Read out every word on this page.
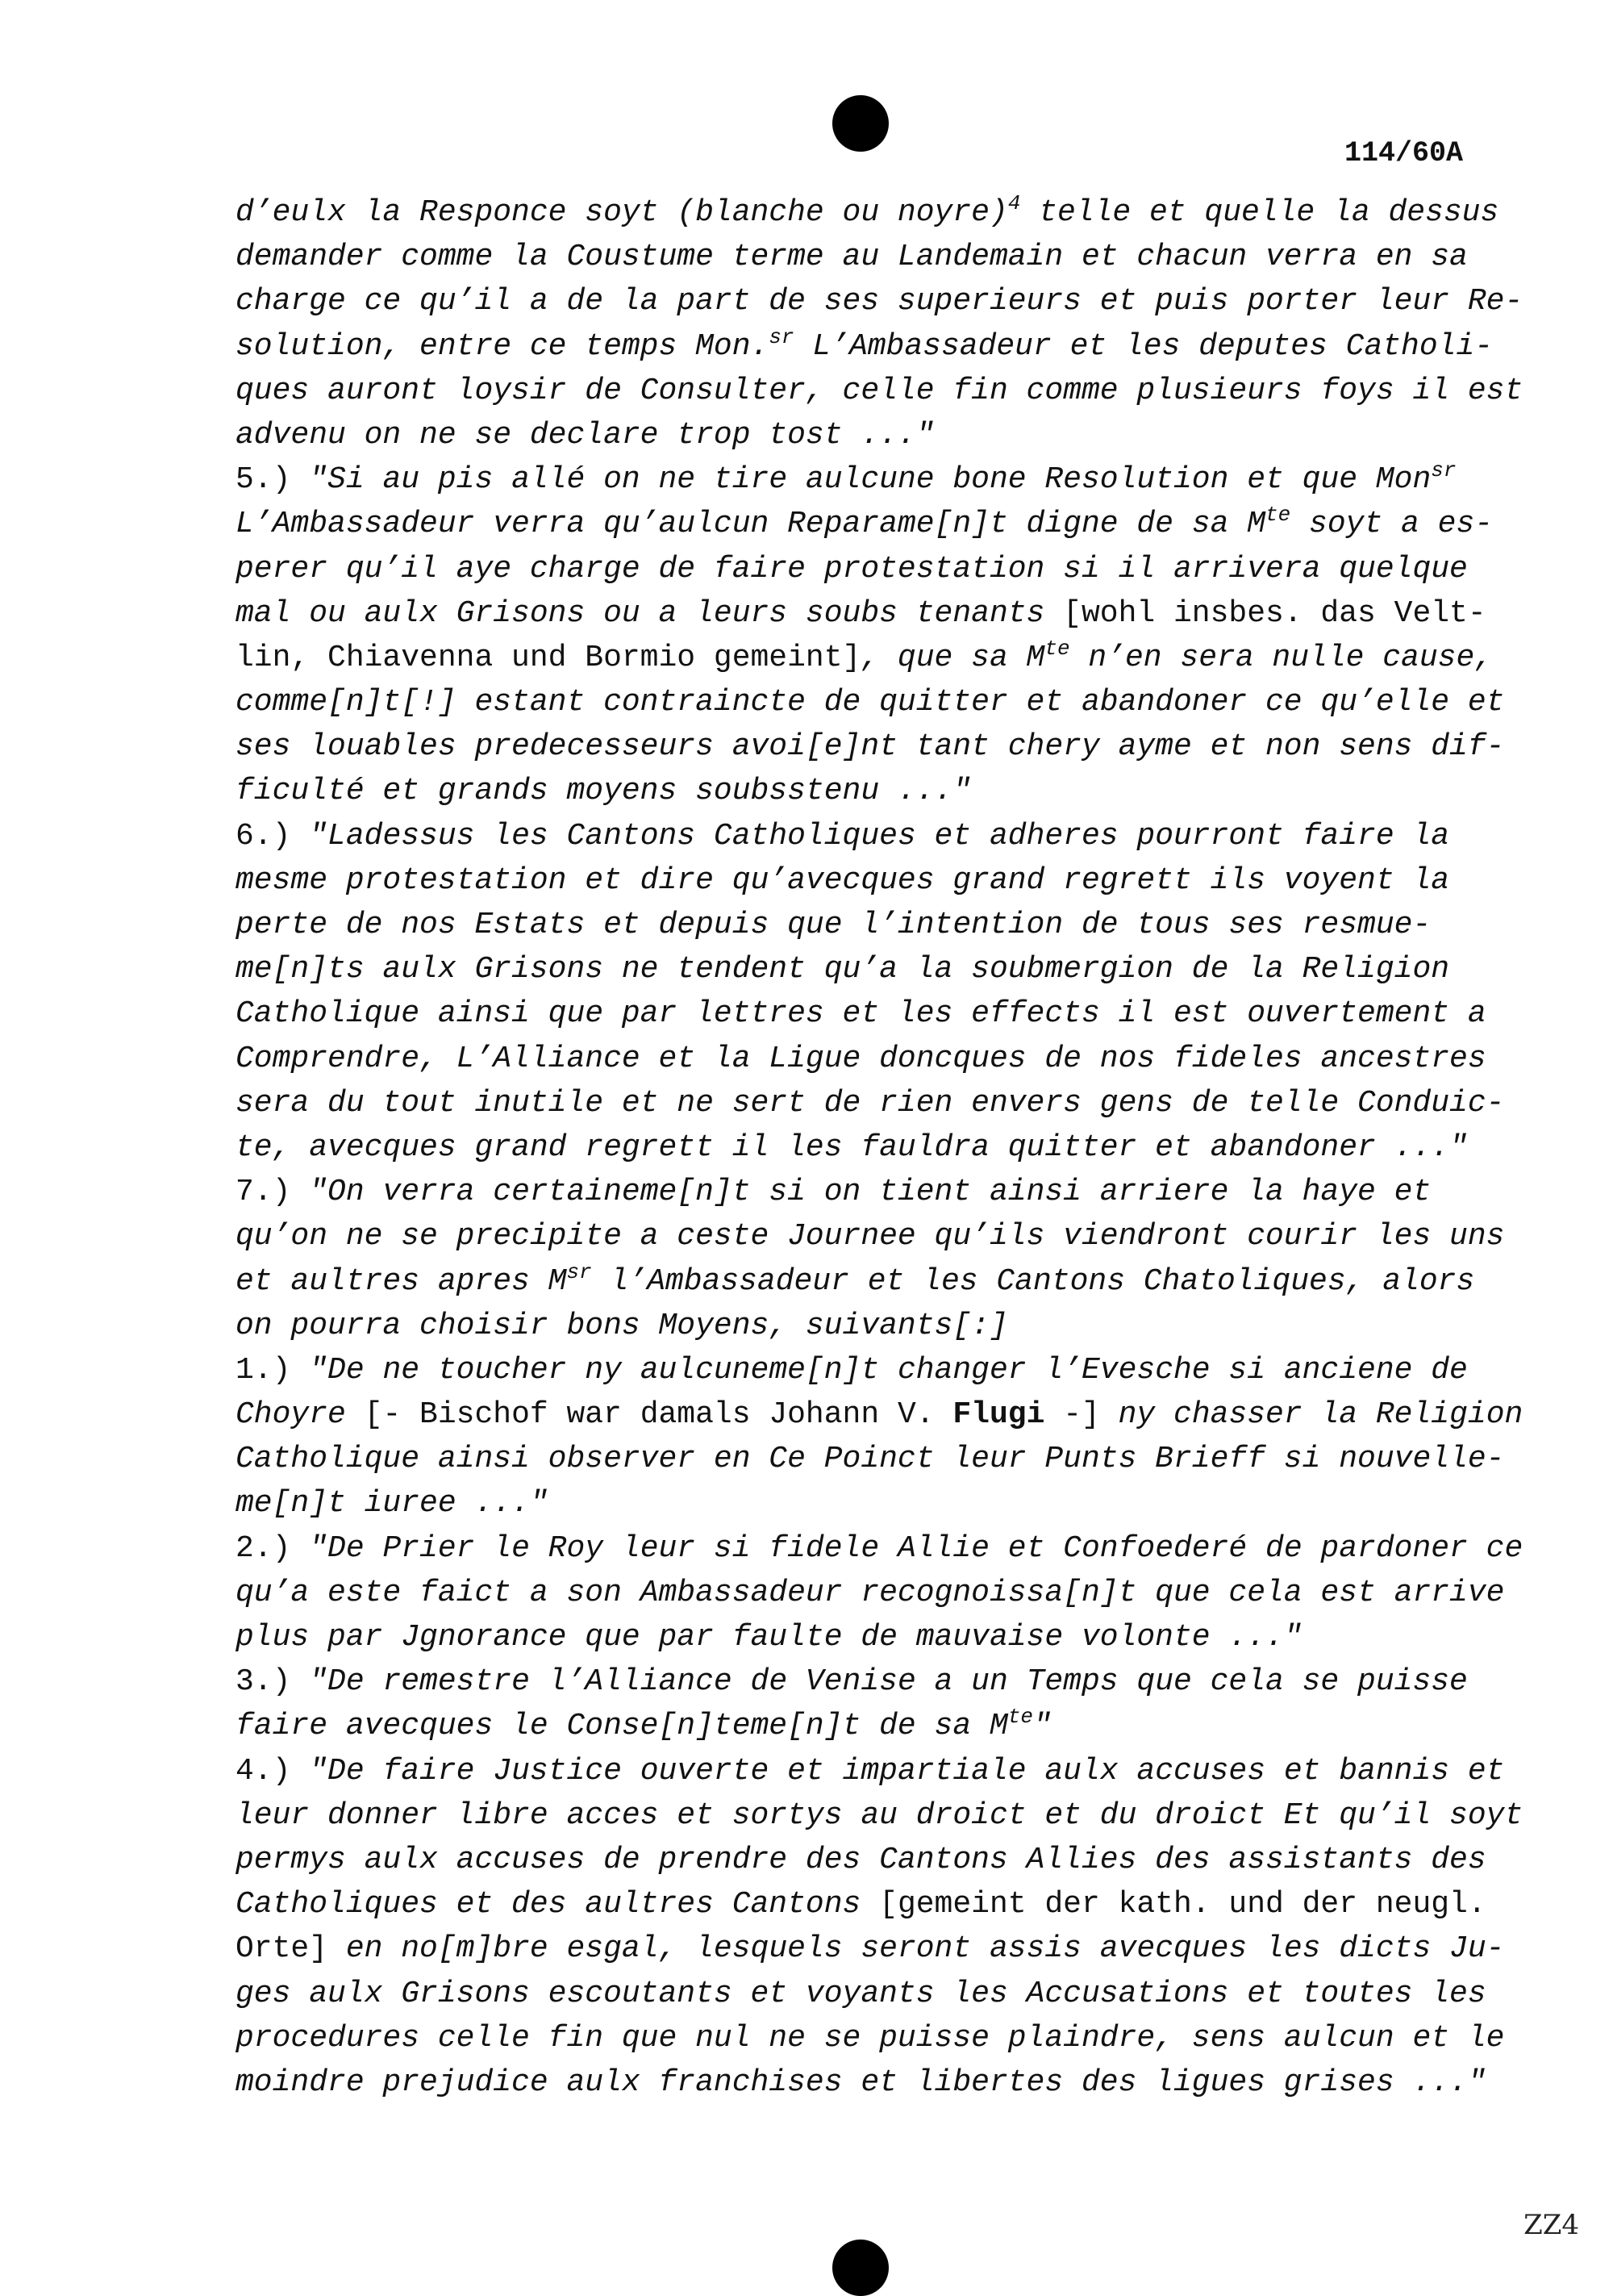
114/60A
d’eulx la Responce soyt (blanche ou noyre)$^4$ telle et quelle la dessus
demander comme la Coustume terme au Landemain et chacun verra en sa
charge ce qu’il a de la part de ses superieurs et puis porter leur Re-
solution, entre ce temps Mon.$^{sr}$ L’Ambassadeur et les deputes Catholi-
ques auront loysir de Consulter, celle fin comme plusieurs foys il est
advenu on ne se declare trop tost ..."
5.) "Si au pis allé on ne tire aulcune bone Resolution et que Mon$^{sr}$
L’Ambassadeur verra qu’aulcun Reparame[n]t digne de sa $M^{te}$ soyt a es-
perer qu’il aye charge de faire protestation si il arrivera quelque
mal ou aulx Grisons ou a leurs soubs tenants [wohl insbes. das Velt-
lin, Chiavenna und Bormio gemeint], que sa $M^{te}$ n’en sera nulle cause,
comme[n]t[!] estant contraincte de quitter et abandoner ce qu’elle et
ses louables predecesseurs avoi[e]nt tant chery ayme et non sens dif-
ficulté et grands moyens soubsstenu ..."
6.) "Ladessus les Cantons Catholiques et adheres pourront faire la
mesme protestation et dire qu’avecques grand regrett ils voyent la
perte de nos Estats et depuis que l’intention de tous ses resmue-
me[n]ts aulx Grisons ne tendent qu’a la soubmergion de la Religion
Catholique ainsi que par lettres et les effects il est ouvertement a
Comprendre, L’Alliance et la Ligue doncques de nos fideles ancestres
sera du tout inutile et ne sert de rien envers gens de telle Conduic-
te, avecques grand regrett il les fauldra quitter et abandoner ..."
7.) "On verra certaineme[n]t si on tient ainsi arriere la haye et
qu’on ne se precipite a ceste Journee qu’ils viendront courir les uns
et aultres apres $M^{sr}$ l’Ambassadeur et les Cantons Chatoliques, alors
on pourra choisir bons Moyens, suivants[:]
1.) "De ne toucher ny aulcuneme[n]t changer l’Evesche si anciene de
Choyre [- Bischof war damals Johann V. Flugi -] ny chasser la Religion
Catholique ainsi observer en Ce Poinct leur Punts Brieff si nouvelle-
me[n]t iuree ..."
2.) "De Prier le Roy leur si fidele Allie et Confoederé de pardoner ce
qu’a este faict a son Ambassadeur recognoissa[n]t que cela est arrive
plus par Jgnorance que par faulte de mauvaise volonte ..."
3.) "De remestre l’Alliance de Venise a un Temps que cela se puisse
faire avecques le Conse[n]teme[n]t de sa $M^{te}$"
4.) "De faire Justice ouverte et impartiale aulx accuses et bannis et
leur donner libre acces et sortys au droict et du droict Et qu’il soyt
permys aulx accuses de prendre des Cantons Allies des assistants des
Catholiques et des aultres Cantons [gemeint der kath. und der neugl.
Orte] en no[m]bre esgal, lesquels seront assis avecques les dicts Ju-
ges aulx Grisons escoutants et voyants les Accusations et toutes les
procedures celle fin que nul ne se puisse plaindre, sens aulcun et le
moindre prejudice aulx franchises et libertes des ligues grises ..."
ZZ4
